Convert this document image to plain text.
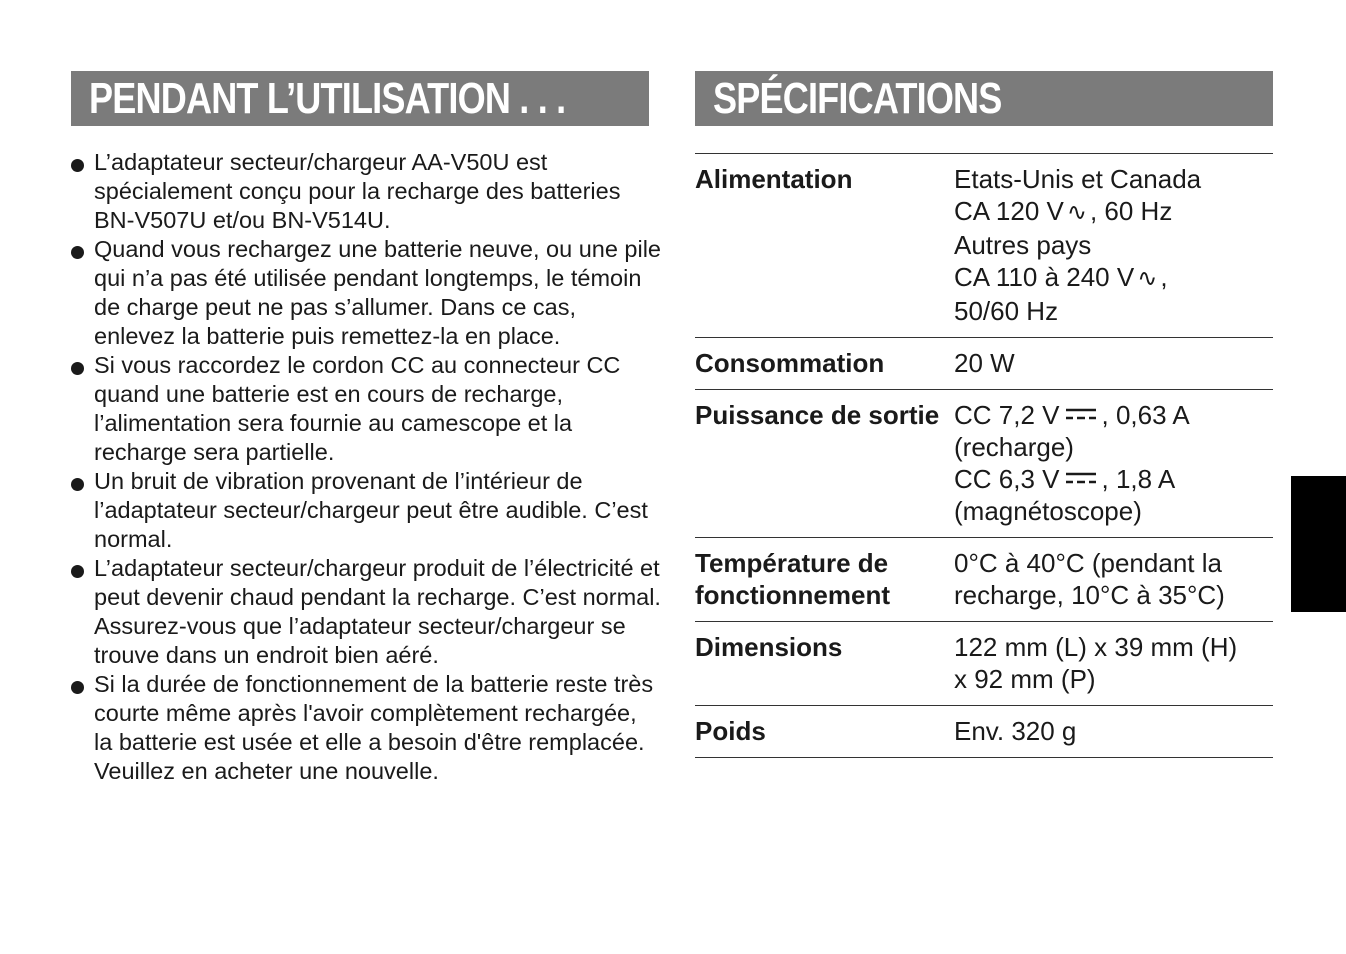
PENDANT L’UTILISATION . . .	SPÉCIFICATIONS
L’adaptateur secteur/chargeur AA-V50U est spécialement conçu pour la recharge des batteries BN-V507U et/ou BN-V514U.
Quand vous rechargez une batterie neuve, ou une pile qui n’a pas été utilisée pendant longtemps, le témoin de charge peut ne pas s’allumer. Dans ce cas, enlevez la batterie puis remettez-la en place.
Si vous raccordez le cordon CC au connecteur CC quand une batterie est en cours de recharge, l’alimentation sera fournie au camescope et la recharge sera partielle.
Un bruit de vibration provenant de l’intérieur de l’adaptateur secteur/chargeur peut être audible. C’est normal.
L’adaptateur secteur/chargeur produit de l’électricité et peut devenir chaud pendant la recharge. C’est normal. Assurez-vous que l’adaptateur secteur/chargeur se trouve dans un endroit bien aéré.
Si la durée de fonctionnement de la batterie reste très courte même après l'avoir complètement rechargée, la batterie est usée et elle a besoin d'être remplacée. Veuillez en acheter une nouvelle.
Alimentation	Etats-Unis et Canada
CA 120 V ∿ , 60 Hz
Autres pays
CA 110 à 240 V ∿ ,
50/60 Hz

Consommation	20 W
Puissance de sortie	CC 7,2 V , 0,63 A
(recharge)
CC 6,3 V , 1,8 A
(magnétoscope)

Température de
fonctionnement	0°C à 40°C (pendant la
recharge, 10°C à 35°C)

Dimensions	122 mm (L) x 39 mm (H)
x 92 mm (P)

Poids	Env. 320 g
